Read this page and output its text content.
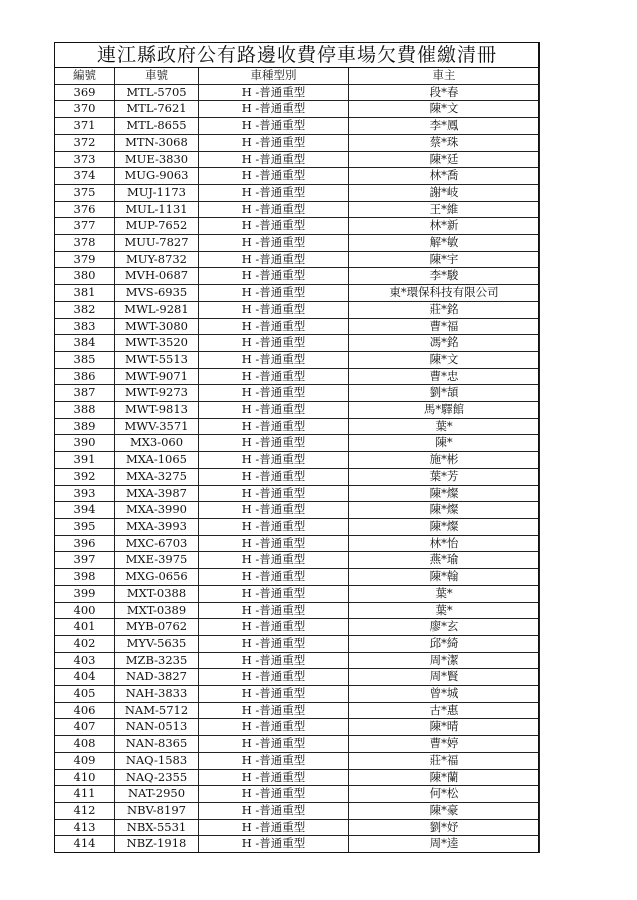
連江縣政府公有路邊收費停車場欠費催繳清冊			
編號	車號	車種型別	車主
369	MTL-5705	H -普通重型	段*春
370	MTL-7621	H -普通重型	陳*文
371	MTL-8655	H -普通重型	李*鳳
372	MTN-3068	H -普通重型	蔡*珠
373	MUE-3830	H -普通重型	陳*廷
374	MUG-9063	H -普通重型	林*喬
375	MUJ-1173	H -普通重型	謝*岐
376	MUL-1131	H -普通重型	王*維
377	MUP-7652	H -普通重型	林*新
378	MUU-7827	H -普通重型	解*敏
379	MUY-8732	H -普通重型	陳*宇
380	MVH-0687	H -普通重型	李*駿
381	MVS-6935	H -普通重型	東*環保科技有限公司
382	MWL-9281	H -普通重型	莊*銘
383	MWT-3080	H -普通重型	曹*福
384	MWT-3520	H -普通重型	馮*銘
385	MWT-5513	H -普通重型	陳*文
386	MWT-9071	H -普通重型	曹*忠
387	MWT-9273	H -普通重型	劉*頡
388	MWT-9813	H -普通重型	馬*驛館
389	MWV-3571	H -普通重型	葉*
390	MX3-060	H -普通重型	陳*
391	MXA-1065	H -普通重型	施*彬
392	MXA-3275	H -普通重型	葉*芳
393	MXA-3987	H -普通重型	陳*燦
394	MXA-3990	H -普通重型	陳*燦
395	MXA-3993	H -普通重型	陳*燦
396	MXC-6703	H -普通重型	林*怡
397	MXE-3975	H -普通重型	燕*瑜
398	MXG-0656	H -普通重型	陳*翰
399	MXT-0388	H -普通重型	葉*
400	MXT-0389	H -普通重型	葉*
401	MYB-0762	H -普通重型	廖*玄
402	MYV-5635	H -普通重型	邱*綺
403	MZB-3235	H -普通重型	周*潔
404	NAD-3827	H -普通重型	周*賢
405	NAH-3833	H -普通重型	曾*城
406	NAM-5712	H -普通重型	古*惠
407	NAN-0513	H -普通重型	陳*晴
408	NAN-8365	H -普通重型	曹*婷
409	NAQ-1583	H -普通重型	莊*福
410	NAQ-2355	H -普通重型	陳*蘭
411	NAT-2950	H -普通重型	何*松
412	NBV-8197	H -普通重型	陳*豪
413	NBX-5531	H -普通重型	劉*妤
414	NBZ-1918	H -普通重型	周*逵
